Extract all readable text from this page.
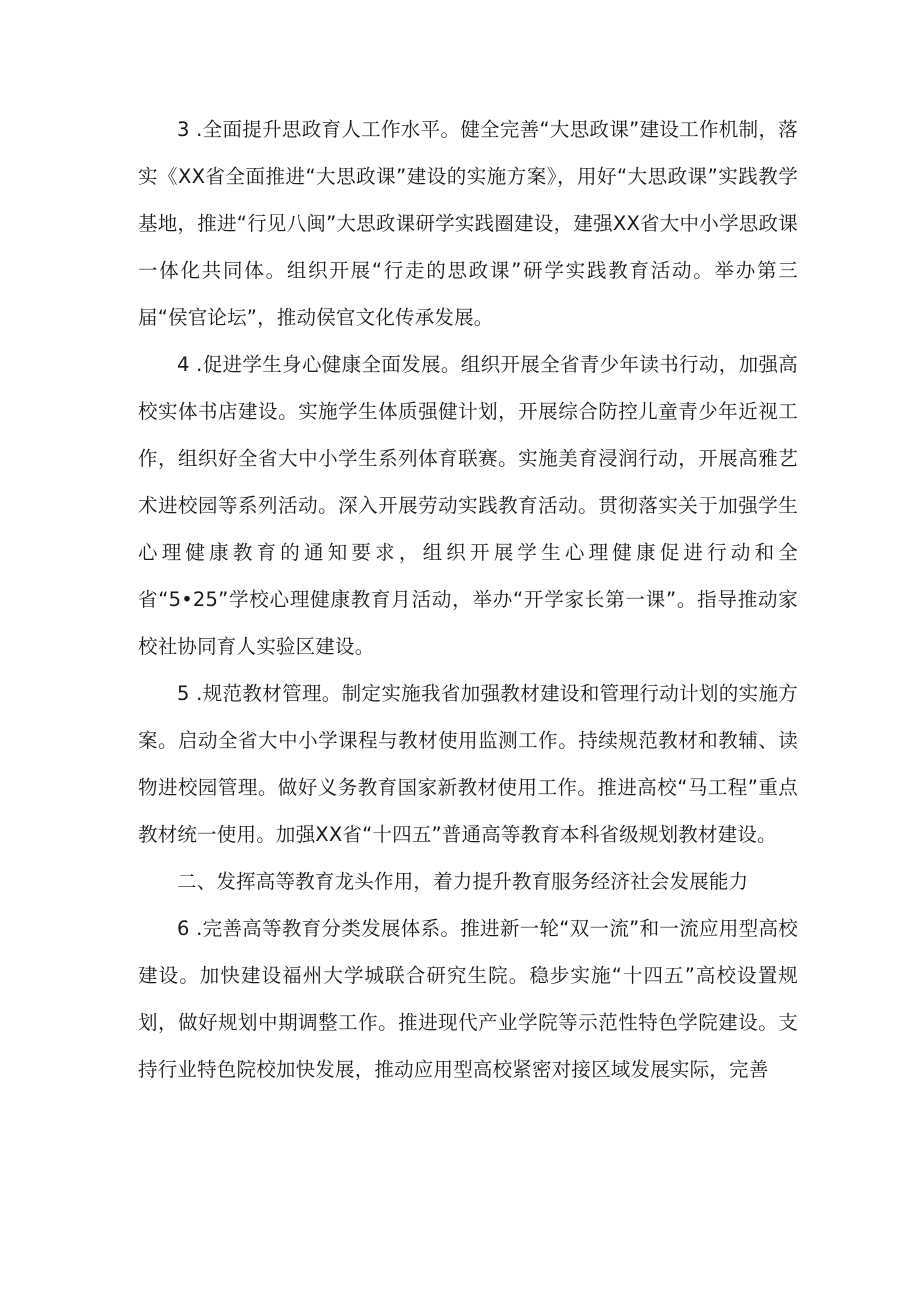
3 .全面提升思政育人工作水平。健全完善“大思政课”建设工作机制，落实《XX省全面推进“大思政课”建设的实施方案》，用好“大思政课”实践教学基地，推进“行见八闽”大思政课研学实践圈建设，建强XX省大中小学思政课一体化共同体。组织开展“行走的思政课”研学实践教育活动。举办第三届“侯官论坛”，推动侯官文化传承发展。

4 .促进学生身心健康全面发展。组织开展全省青少年读书行动，加强高校实体书店建设。实施学生体质强健计划，开展综合防控儿童青少年近视工作，组织好全省大中小学生系列体育联赛。实施美育浸润行动，开展高雅艺术进校园等系列活动。深入开展劳动实践教育活动。贯彻落实关于加强学生心理健康教育的通知要求，组织开展学生心理健康促进行动和全省“5•25”学校心理健康教育月活动，举办“开学家长第一课”。指导推动家校社协同育人实验区建设。

5 .规范教材管理。制定实施我省加强教材建设和管理行动计划的实施方案。启动全省大中小学课程与教材使用监测工作。持续规范教材和教辅、读物进校园管理。做好义务教育国家新教材使用工作。推进高校“马工程”重点教材统一使用。加强XX省“十四五”普通高等教育本科省级规划教材建设。

二、发挥高等教育龙头作用，着力提升教育服务经济社会发展能力

6 .完善高等教育分类发展体系。推进新一轮“双一流”和一流应用型高校建设。加快建设福州大学城联合研究生院。稳步实施“十四五”高校设置规划，做好规划中期调整工作。推进现代产业学院等示范性特色学院建设。支持行业特色院校加快发展，推动应用型高校紧密对接区域发展实际，完善
